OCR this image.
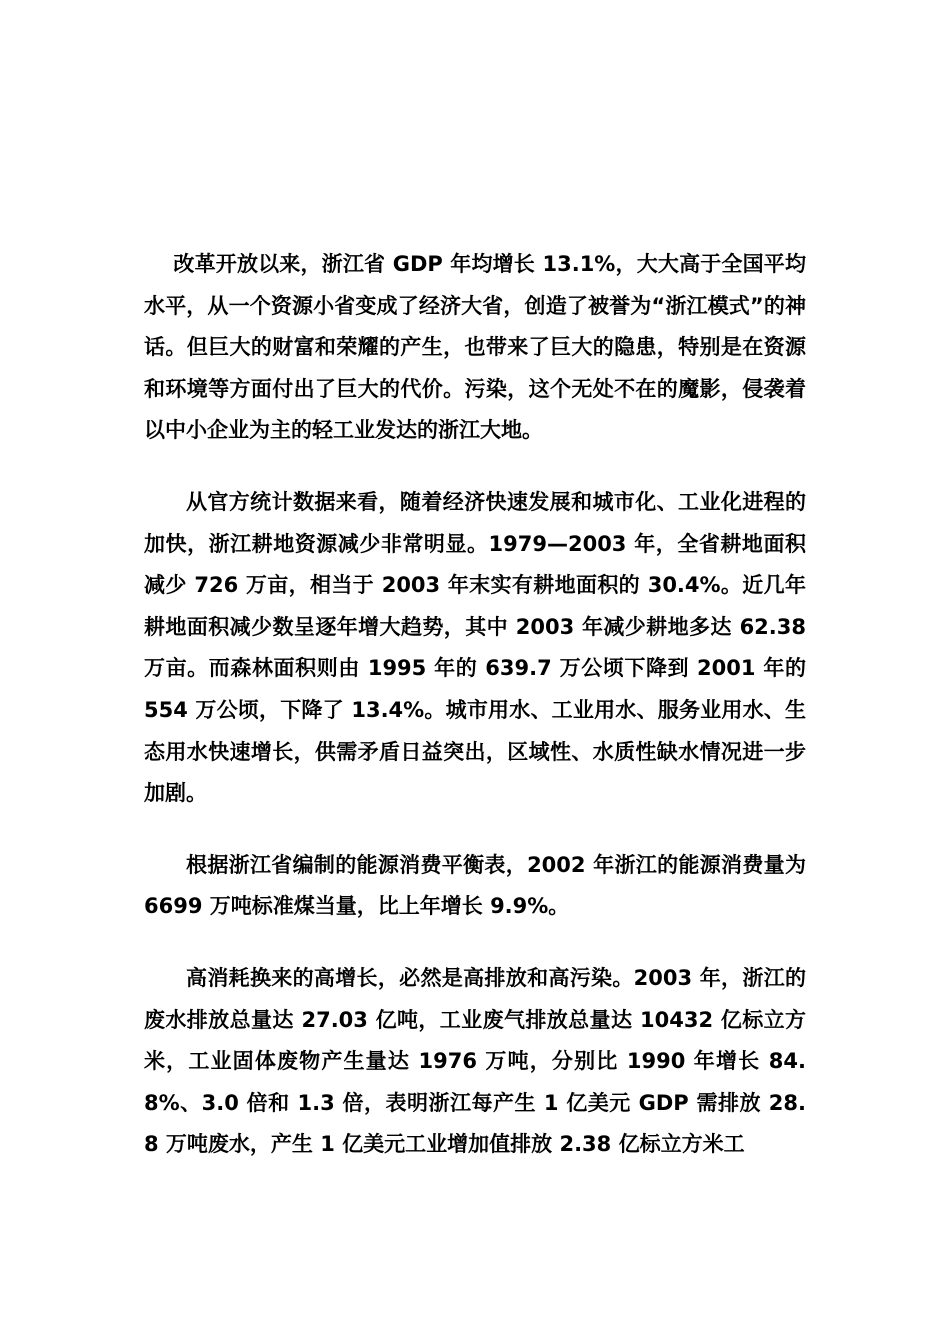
改革开放以来，浙江省 GDP 年均增长 13.1%，大大高于全国平均水平，从一个资源小省变成了经济大省，创造了被誉为“浙江模式”的神话。但巨大的财富和荣耀的产生，也带来了巨大的隐患，特别是在资源和环境等方面付出了巨大的代价。污染，这个无处不在的魔影，侵袭着以中小企业为主的轻工业发达的浙江大地。

从官方统计数据来看，随着经济快速发展和城市化、工业化进程的加快，浙江耕地资源减少非常明显。1979—2003 年，全省耕地面积减少 726 万亩，相当于 2003 年末实有耕地面积的 30.4%。近几年耕地面积减少数呈逐年增大趋势，其中 2003 年减少耕地多达 62.38 万亩。而森林面积则由 1995 年的 639.7 万公顷下降到 2001 年的 554 万公顷，下降了 13.4%。城市用水、工业用水、服务业用水、生态用水快速增长，供需矛盾日益突出，区域性、水质性缺水情况进一步加剧。

根据浙江省编制的能源消费平衡表，2002 年浙江的能源消费量为 6699 万吨标准煤当量，比上年增长 9.9%。

高消耗换来的高增长，必然是高排放和高污染。2003 年，浙江的废水排放总量达 27.03 亿吨，工业废气排放总量达 10432 亿标立方米，工业固体废物产生量达 1976 万吨，分别比 1990 年增长 84.8%、3.0 倍和 1.3 倍，表明浙江每产生 1 亿美元 GDP 需排放 28.8 万吨废水，产生 1 亿美元工业增加值排放 2.38 亿标立方米工
